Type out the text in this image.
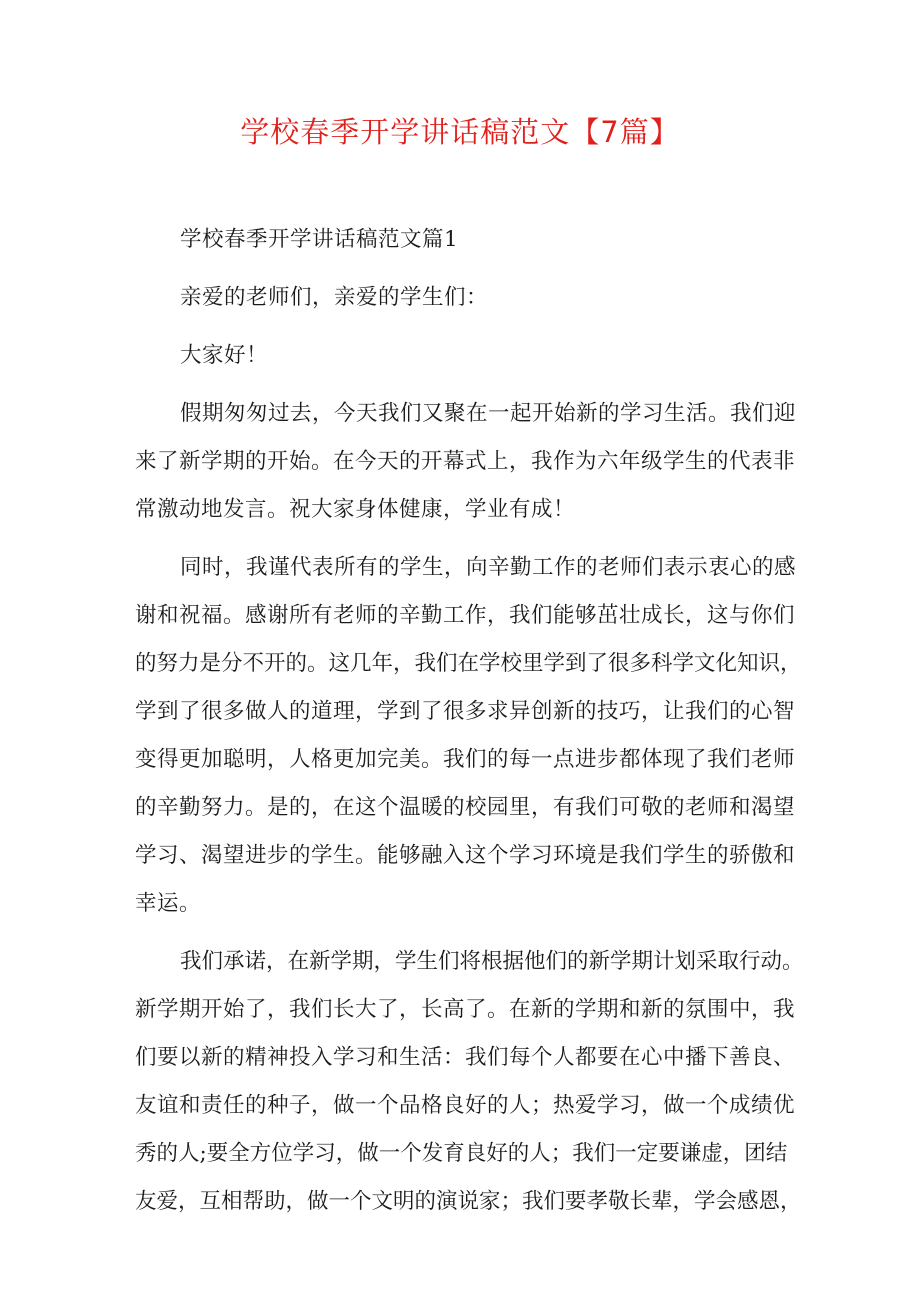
学校春季开学讲话稿范文【7篇】
学校春季开学讲话稿范文篇1
亲爱的老师们，亲爱的学生们：
大家好！
假期匆匆过去，今天我们又聚在一起开始新的学习生活。我们迎
来了新学期的开始。在今天的开幕式上，我作为六年级学生的代表非
常激动地发言。祝大家身体健康，学业有成！
同时，我谨代表所有的学生，向辛勤工作的老师们表示衷心的感
谢和祝福。感谢所有老师的辛勤工作，我们能够茁壮成长，这与你们
的努力是分不开的。这几年，我们在学校里学到了很多科学文化知识，
学到了很多做人的道理，学到了很多求异创新的技巧，让我们的心智
变得更加聪明，人格更加完美。我们的每一点进步都体现了我们老师
的辛勤努力。是的，在这个温暖的校园里，有我们可敬的老师和渴望
学习、渴望进步的学生。能够融入这个学习环境是我们学生的骄傲和
幸运。
我们承诺，在新学期，学生们将根据他们的新学期计划采取行动。
新学期开始了，我们长大了，长高了。在新的学期和新的氛围中，我
们要以新的精神投入学习和生活：我们每个人都要在心中播下善良、
友谊和责任的种子，做一个品格良好的人；热爱学习，做一个成绩优
秀的人;要全方位学习，做一个发育良好的人；我们一定要谦虚，团结
友爱，互相帮助，做一个文明的演说家；我们要孝敬长辈，学会感恩，
